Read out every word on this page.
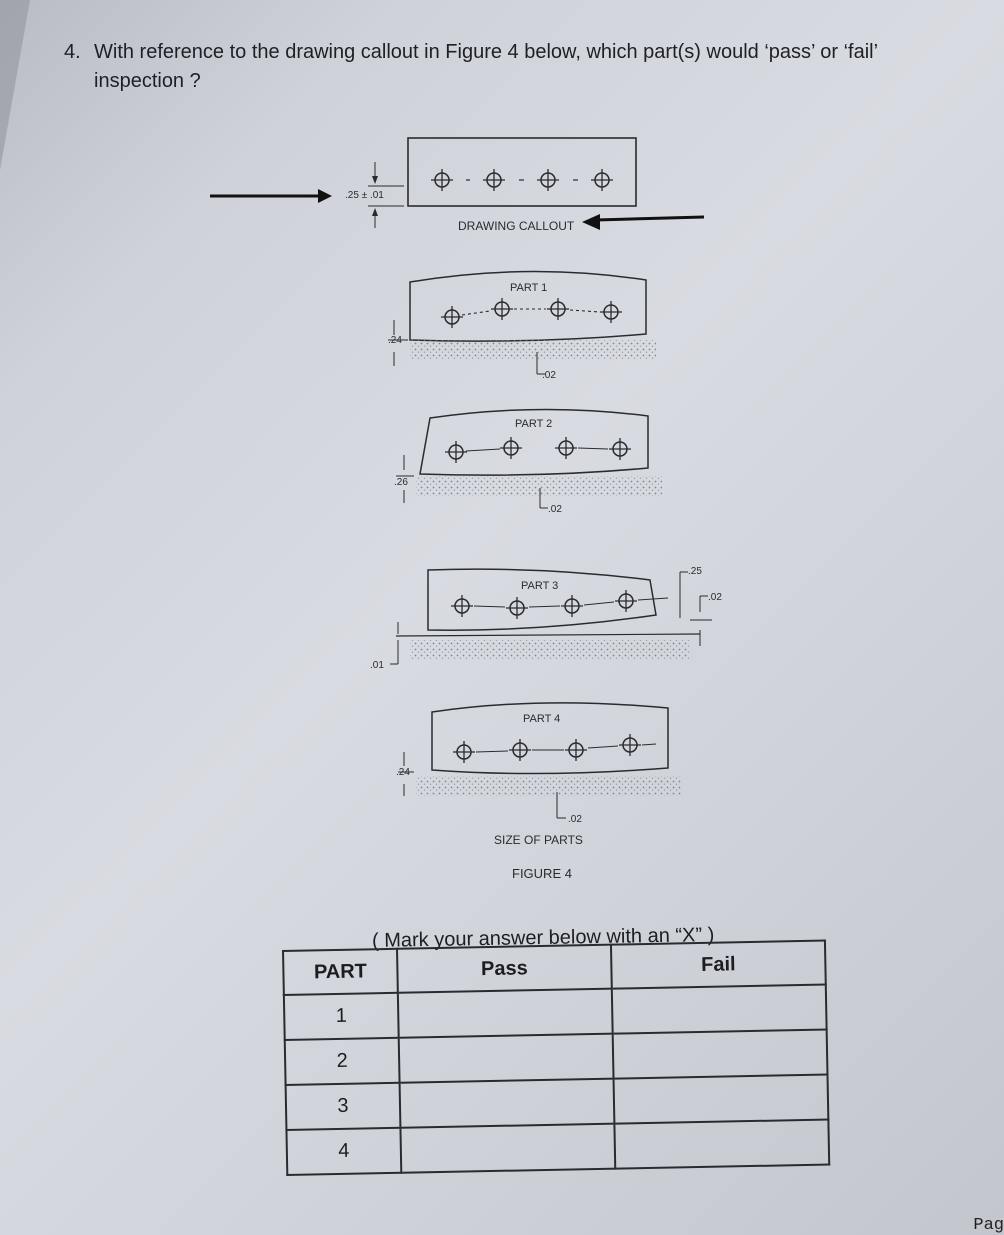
4. With reference to the drawing callout in Figure 4 below, which part(s) would ‘pass’ or ‘fail’
inspection ?
.25 ± .01
DRAWING CALLOUT
PART 1
.24
.02
PART 2
.26
.02
PART 3
.25
.02
.01
PART 4
.24
.02
SIZE OF PARTS
FIGURE 4
( Mark your answer below with an “X” )
PART	Pass	Fail
1		
2		
3		
4		
Pag
